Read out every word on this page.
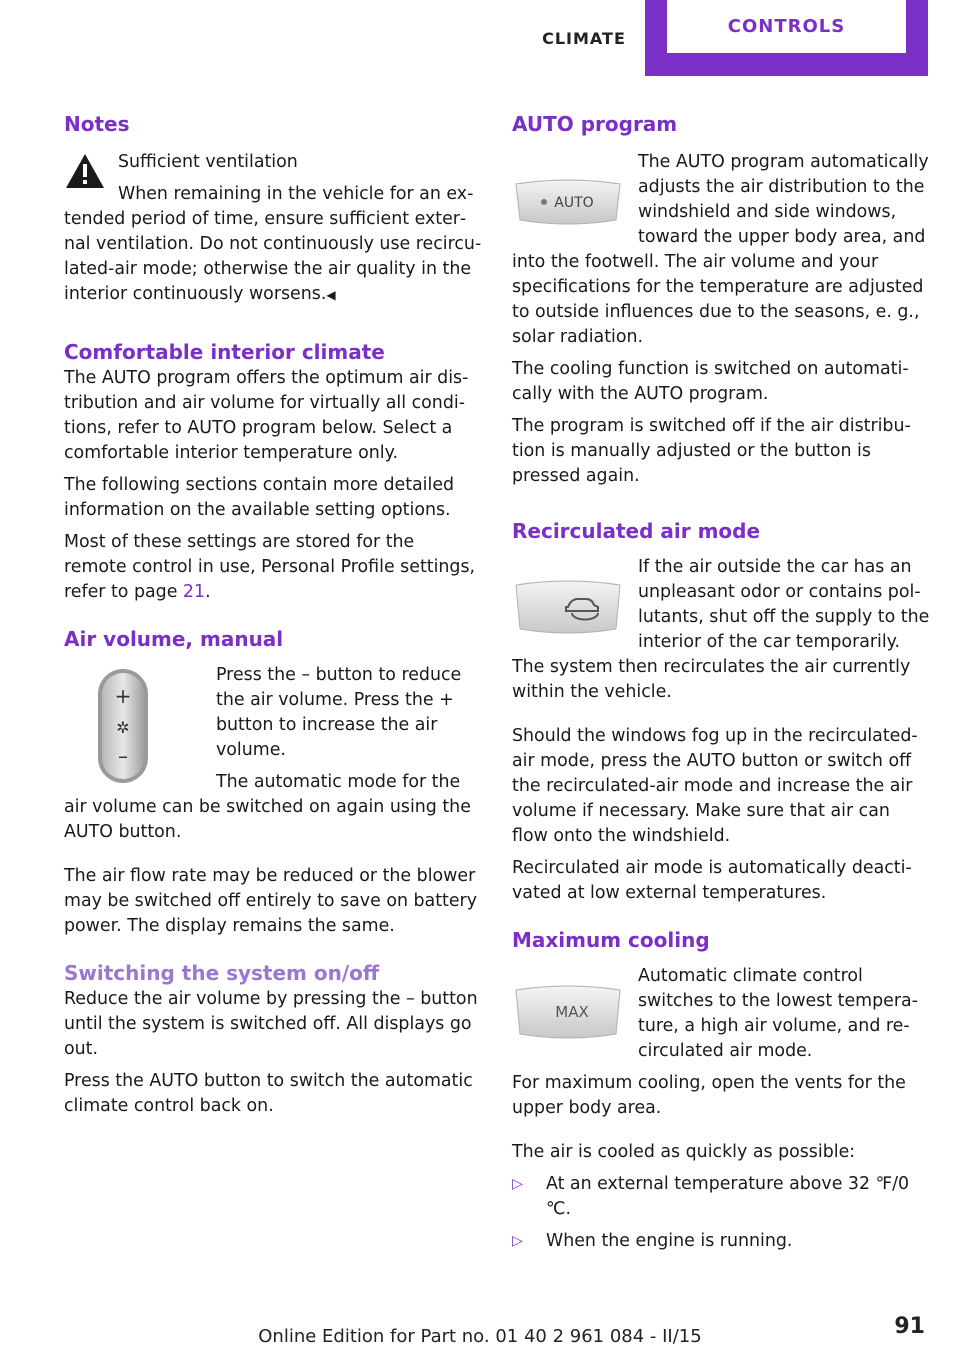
CLIMATE
CONTROLS
Notes

Sufficient ventilation

When remaining in the vehicle for an extended period of time, ensure sufficient external ventilation. Do not continuously use recirculated-air mode; otherwise the air quality in the interior continuously worsens.◀

Comfortable interior climate

The AUTO program offers the optimum air distribution and air volume for virtually all conditions, refer to AUTO program below. Select a comfortable interior temperature only.

The following sections contain more detailed information on the available setting options.

Most of these settings are stored for the remote control in use, Personal Profile settings, refer to page 21.

Air volume, manual
+
✲
–

Press the – button to reduce the air volume. Press the + button to increase the air volume.

The automatic mode for the air volume can be switched on again using the AUTO button.

The air flow rate may be reduced or the blower may be switched off entirely to save on battery power. The display remains the same.

Switching the system on/off

Reduce the air volume by pressing the – button until the system is switched off. All displays go out.

Press the AUTO button to switch the automatic climate control back on.

AUTO program
AUTO

The AUTO program automatically adjusts the air distribution to the windshield and side windows, toward the upper body area, and into the footwell. The air volume and your specifications for the temperature are adjusted to outside influences due to the seasons, e. g., solar radiation.

The cooling function is switched on automatically with the AUTO program.

The program is switched off if the air distribution is manually adjusted or the button is pressed again.

Recirculated air mode

If the air outside the car has an unpleasant odor or contains pollutants, shut off the supply to the interior of the car temporarily. The system then recirculates the air currently within the vehicle.

Should the windows fog up in the recirculated-air mode, press the AUTO button or switch off the recirculated-air mode and increase the air volume if necessary. Make sure that air can flow onto the windshield.

Recirculated air mode is automatically deactivated at low external temperatures.

Maximum cooling
MAX

Automatic climate control switches to the lowest temperature, a high air volume, and recirculated air mode.

For maximum cooling, open the vents for the upper body area.

The air is cooled as quickly as possible:

▷	At an external temperature above 32 ℉/0 ℃.
▷	When the engine is running.
91
Online Edition for Part no. 01 40 2 961 084 - II/15
